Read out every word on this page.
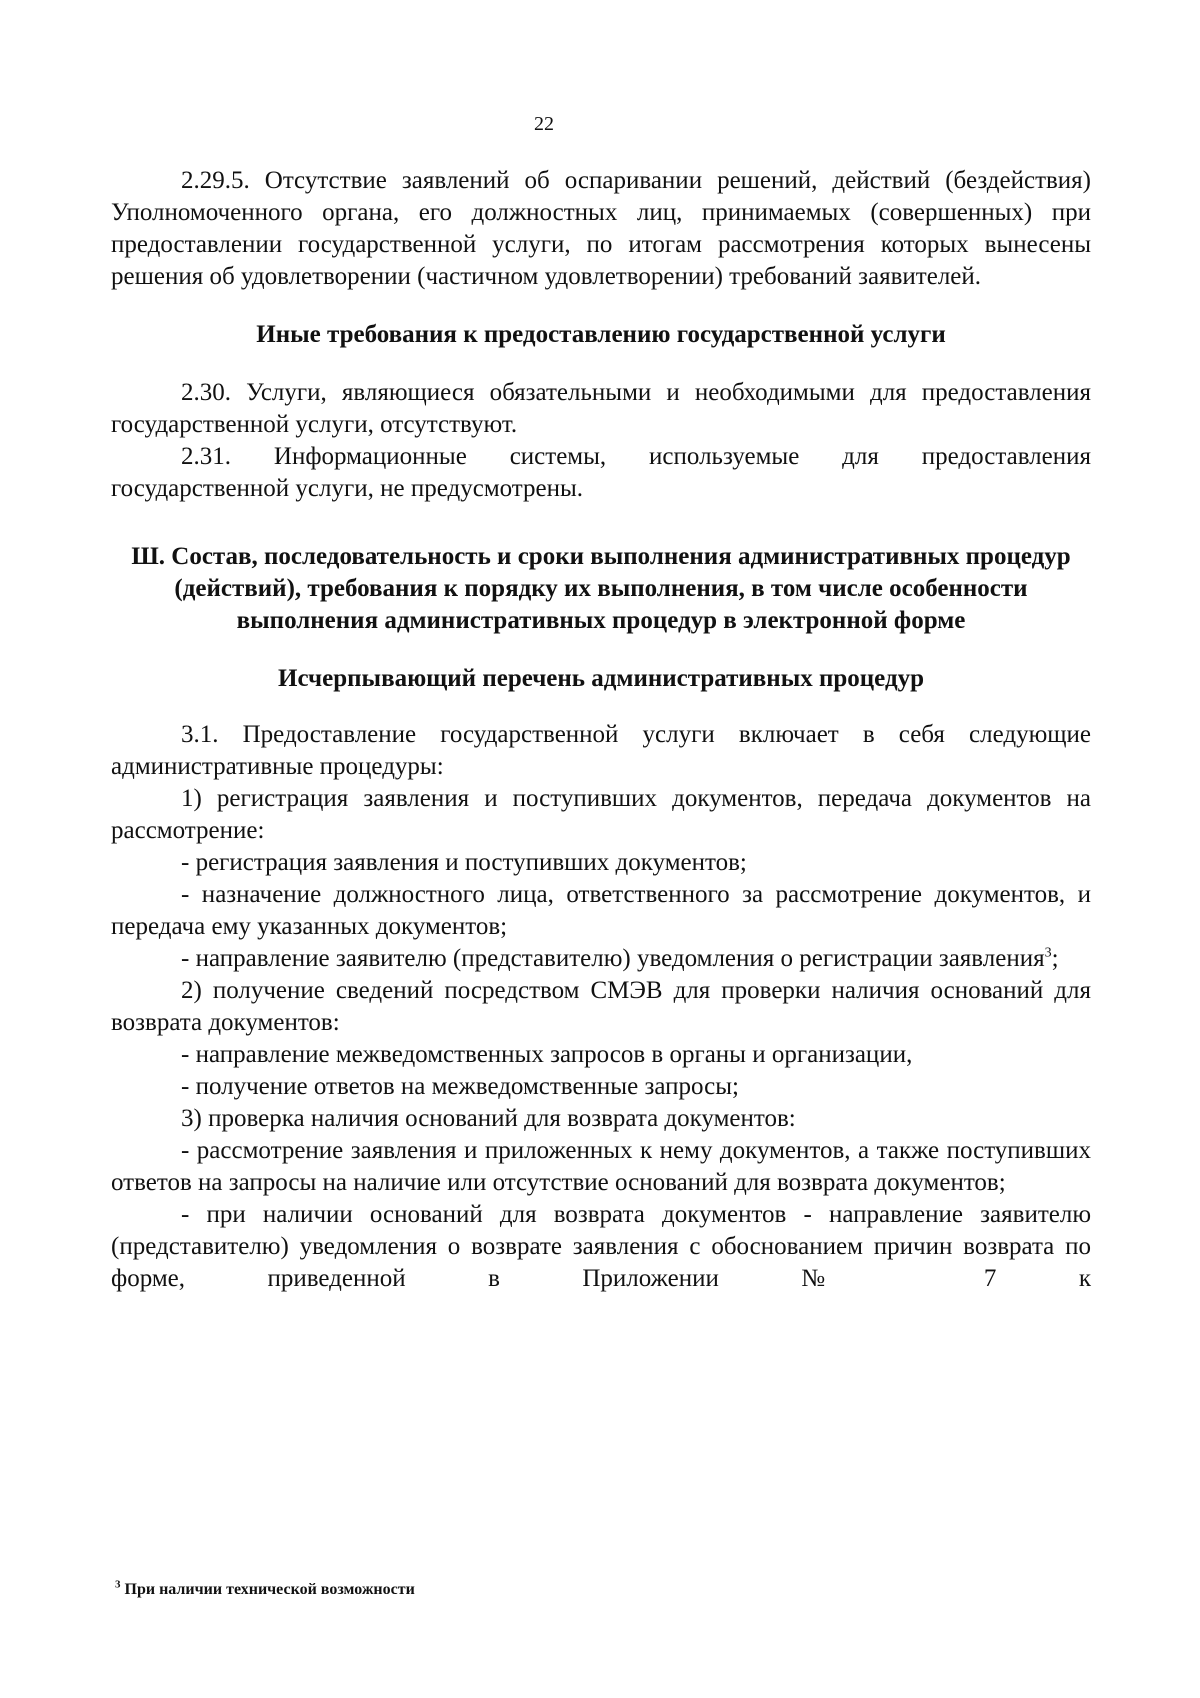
22

2.29.5. Отсутствие заявлений об оспаривании решений, действий (бездействия) Уполномоченного органа, его должностных лиц, принимаемых (совершенных) при предоставлении государственной услуги, по итогам рассмотрения которых вынесены решения об удовлетворении (частичном удовлетворении) требований заявителей.

Иные требования к предоставлению государственной услуги

2.30. Услуги, являющиеся обязательными и необходимыми для предоставления государственной услуги, отсутствуют.

2.31. Информационные системы, используемые для предоставления государственной услуги, не предусмотрены.

Ш. Состав, последовательность и сроки выполнения административных процедур (действий), требования к порядку их выполнения, в том числе особенности выполнения административных процедур в электронной форме

Исчерпывающий перечень административных процедур

3.1. Предоставление государственной услуги включает в себя следующие административные процедуры:

1) регистрация заявления и поступивших документов, передача документов на рассмотрение:

- регистрация заявления и поступивших документов;

- назначение должностного лица, ответственного за рассмотрение документов, и передача ему указанных документов;

- направление заявителю (представителю) уведомления о регистрации заявления$^3$;

2) получение сведений посредством СМЭВ для проверки наличия оснований для возврата документов:

- направление межведомственных запросов в органы и организации,

- получение ответов на межведомственные запросы;

3) проверка наличия оснований для возврата документов:

- рассмотрение заявления и приложенных к нему документов, а также поступивших ответов на запросы на наличие или отсутствие оснований для возврата документов;

- при наличии оснований для возврата документов - направление заявителю (представителю) уведомления о возврате заявления с обоснованием причин возврата по форме, приведенной в Приложении № 7 к

$^3$ При наличии технической возможности
